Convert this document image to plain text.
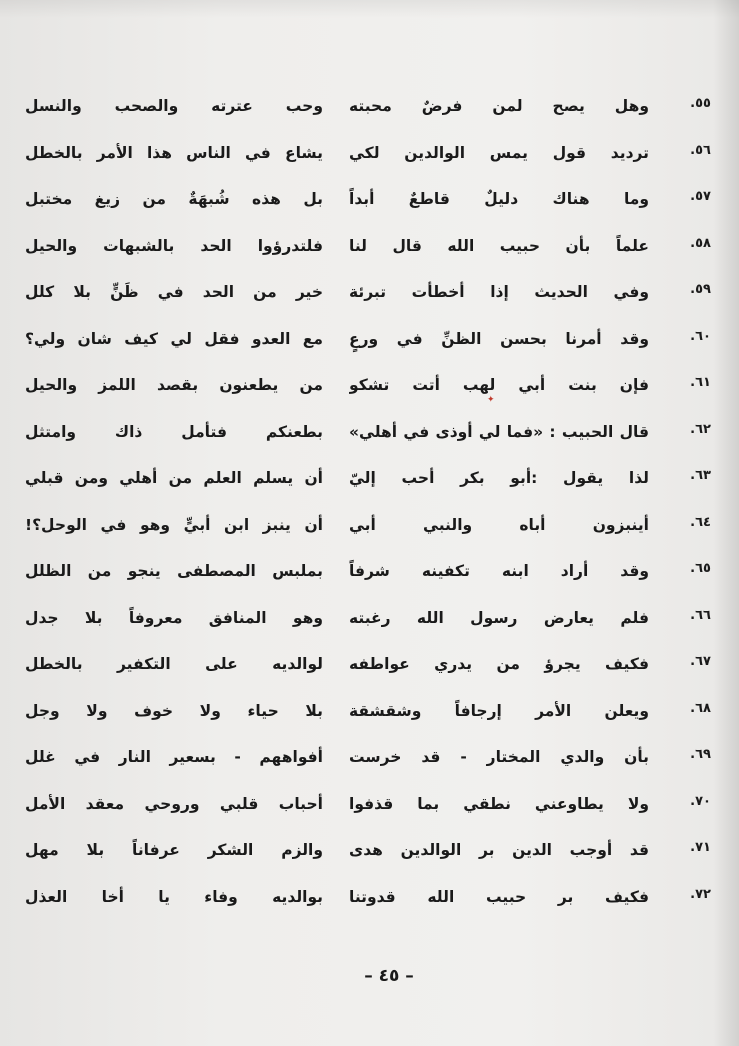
٥٥.
وهل يصح لمن فرضٌ محبته
وحب عترته والصحب والنسل
٥٦.
ترديد قول يمس الوالدين لكي
يشاع في الناس هذا الأمر بالخطل
٥٧.
وما هناك دليلٌ قاطعٌ أبداً
بل هذه شُبهَةٌ من زيغ مختبل
٥٨.
علماً بأن حبيب الله قال لنا
فلتدرؤوا الحد بالشبهات والحيل
٥٩.
وفي الحديث إذا أخطأت تبرئة
خير من الحد في ظَنٍّ بلا كلل
٦٠.
وقد أمرنا بحسن الظنِّ في ورعٍ
مع العدو فقل لي كيف شان ولي؟
٦١.
فإن بنت أبي لهب أتت تشكو
من يطعنون بقصد اللمز والحيل
٦٢.
قال الحبيب : «فما لي أوذى في أهلي»
بطعنكم فتأمل ذاك وامتثل
٦٣.
لذا يقول :أبو بكر أحب إليّ
أن يسلم العلم من أهلي ومن قبلي
٦٤.
أينبزون أباه والنبي أبي
أن ينبز ابن أبيٍّ وهو في الوحل؟!
٦٥.
وقد أراد ابنه تكفينه شرفاً
بملبس المصطفى ينجو من الظلل
٦٦.
فلم يعارض رسول الله رغبته
وهو المنافق معروفاً بلا جدل
٦٧.
فكيف يجرؤ من يدري عواطفه
لوالديه على التكفير بالخطل
٦٨.
ويعلن الأمر إرجافاً وشقشقة
بلا حياء ولا خوف ولا وجل
٦٩.
بأن والدي المختار - قد خرست
أفواههم - بسعير النار في غلل
٧٠.
ولا يطاوعني نطقي بما قذفوا
أحباب قلبي وروحي معقد الأمل
٧١.
قد أوجب الدين بر الوالدين هدى
والزم الشكر عرفاناً بلا مهل
٧٢.
فكيف بر حبيب الله قدوتنا
بوالديه وفاء يا أخا العذل
✦
– ٤٥ –
